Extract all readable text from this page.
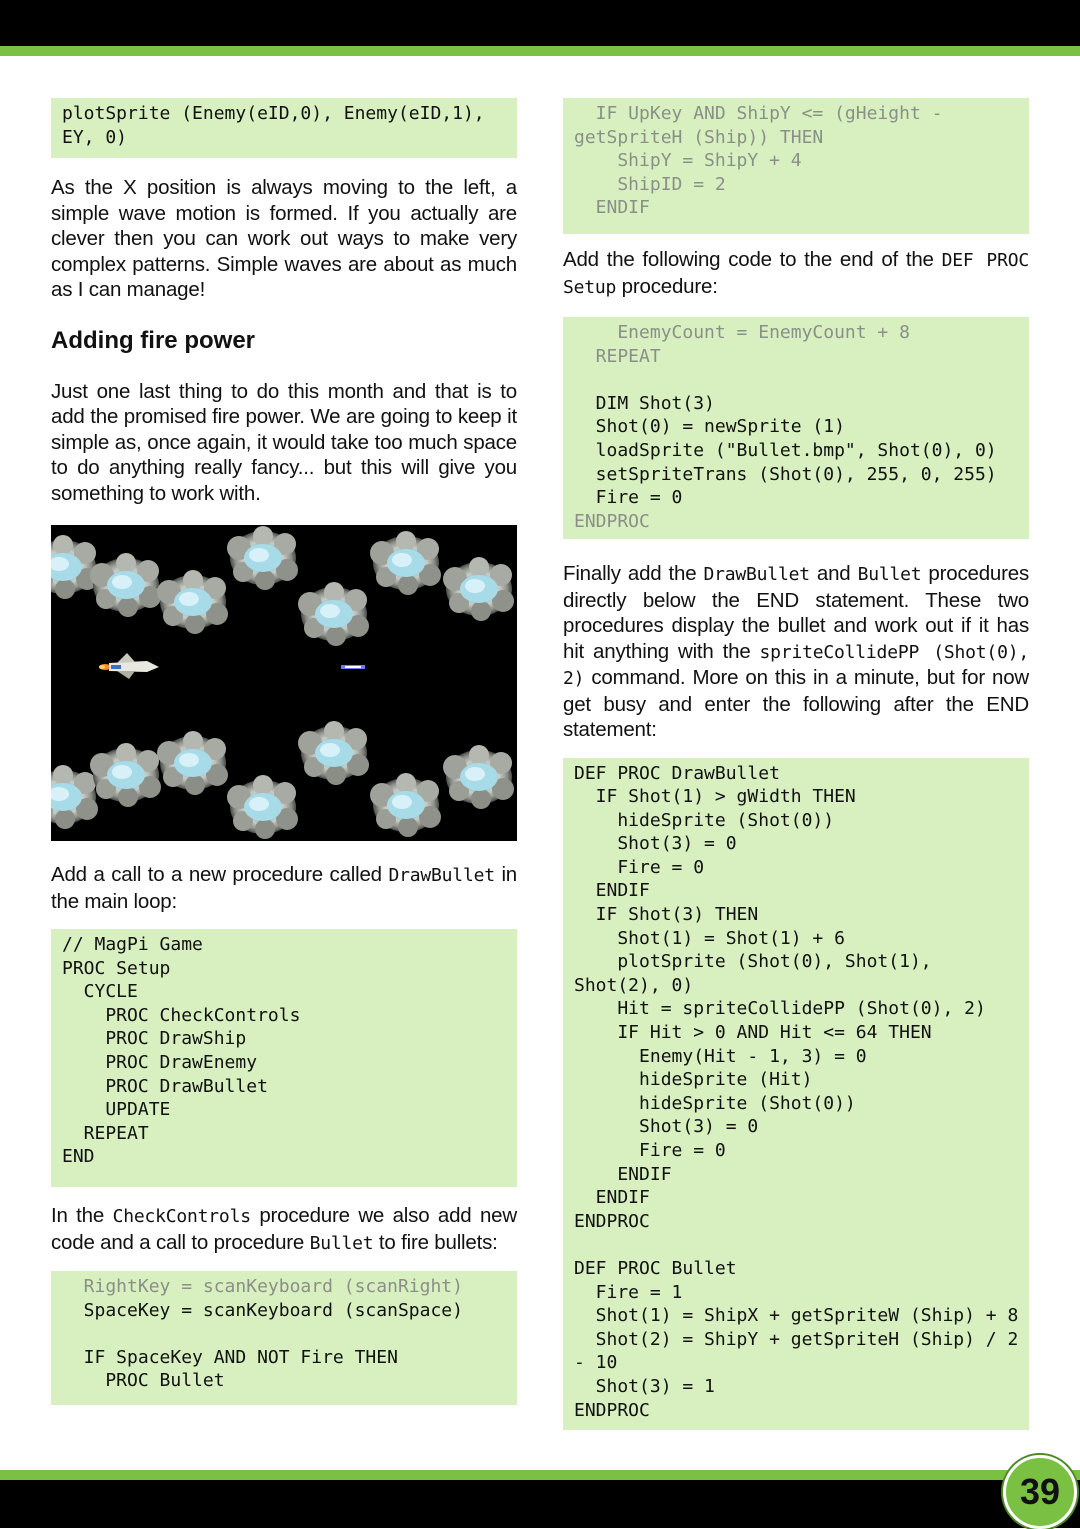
plotSprite (Enemy(eID,0), Enemy(eID,1),
EY, 0)

As the X position is always moving to the left, a simple wave motion is formed. If you actually are clever then you can work out ways to make very complex patterns. Simple waves are about as much as I can manage!

Adding fire power

Just one last thing to do this month and that is to add the promised fire power. We are going to keep it simple as, once again, it would take too much space to do anything really fancy... but this will give you something to work with.

Add a call to a new procedure called DrawBullet in the main loop:

// MagPi Game
PROC Setup
CYCLE
PROC CheckControls
PROC DrawShip
PROC DrawEnemy
PROC DrawBullet
UPDATE
REPEAT
END

In the CheckControls procedure we also add new code and a call to procedure Bullet to fire bullets:

RightKey = scanKeyboard (scanRight)
SpaceKey = scanKeyboard (scanSpace)
IF SpaceKey AND NOT Fire THEN
PROC Bullet
IF UpKey AND ShipY <= (gHeight -
getSpriteH (Ship)) THEN
ShipY = ShipY + 4
ShipID = 2
ENDIF

Add the following code to the end of the DEF PROC Setup procedure:

EnemyCount = EnemyCount + 8
REPEAT
DIM Shot(3)
Shot(0) = newSprite (1)
loadSprite ("Bullet.bmp", Shot(0), 0)
setSpriteTrans (Shot(0), 255, 0, 255)
Fire = 0
ENDPROC

Finally add the DrawBullet and Bullet procedures directly below the END statement. These two procedures display the bullet and work out if it has hit anything with the spriteCollidePP (Shot(0), 2) command. More on this in a minute, but for now get busy and enter the following after the END statement:

DEF PROC DrawBullet
IF Shot(1) > gWidth THEN
hideSprite (Shot(0))
Shot(3) = 0
Fire = 0
ENDIF
IF Shot(3) THEN
Shot(1) = Shot(1) + 6
plotSprite (Shot(0), Shot(1),
Shot(2), 0)
Hit = spriteCollidePP (Shot(0), 2)
IF Hit > 0 AND Hit <= 64 THEN
Enemy(Hit - 1, 3) = 0
hideSprite (Hit)
hideSprite (Shot(0))
Shot(3) = 0
Fire = 0
ENDIF
ENDIF
ENDPROC
DEF PROC Bullet
Fire = 1
Shot(1) = ShipX + getSpriteW (Ship) + 8
Shot(2) = ShipY + getSpriteH (Ship) / 2
- 10
Shot(3) = 1
ENDPROC
39
